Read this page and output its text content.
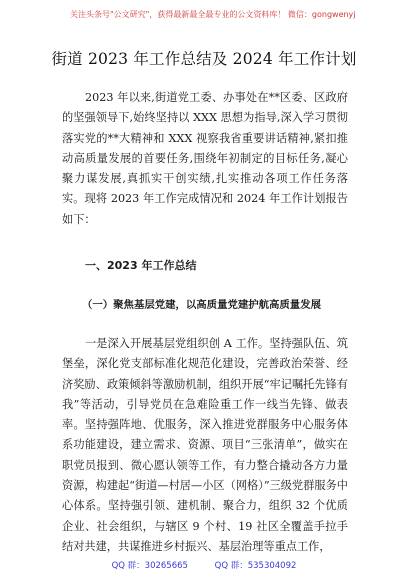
关注头条号"公文研究"，获得最新最全最专业的公文资料库！ 微信：gongwenyj
街道 2023 年工作总结及 2024 年工作计划
2023 年以来,街道党工委、办事处在**区委、区政府的坚强领导下,始终坚持以 XXX 思想为指导,深入学习贯彻落实党的**大精神和 XXX 视察我省重要讲话精神,紧扣推动高质量发展的首要任务,围绕年初制定的目标任务,凝心聚力谋发展,真抓实干创实绩,扎实推动各项工作任务落实。现将 2023 年工作完成情况和 2024 年工作计划报告如下：
一、2023 年工作总结
（一）聚焦基层党建，以高质量党建护航高质量发展
一是深入开展基层党组织创 A 工作。坚持强队伍、筑堡垒，深化党支部标准化规范化建设，完善政治荣誉、经济奖励、政策倾斜等激励机制，组织开展“牢记嘱托先锋有我”等活动，引导党员在急难险重工作一线当先锋、做表率。坚持强阵地、优服务，深入推进党群服务中心服务体系功能建设，建立需求、资源、项目“三张清单”，做实在职党员报到、微心愿认领等工作，有力整合撬动各方力量资源，构建起“街道—村居—小区（网格）”三级党群服务中心体系。坚持强引领、建机制、聚合力，组织 32 个优质企业、社会组织，与辖区 9 个村、19 社区全覆盖手拉手结对共建，共谋推进乡村振兴、基层治理等重点工作，
QQ 群：30265665	QQ 群：535304092
